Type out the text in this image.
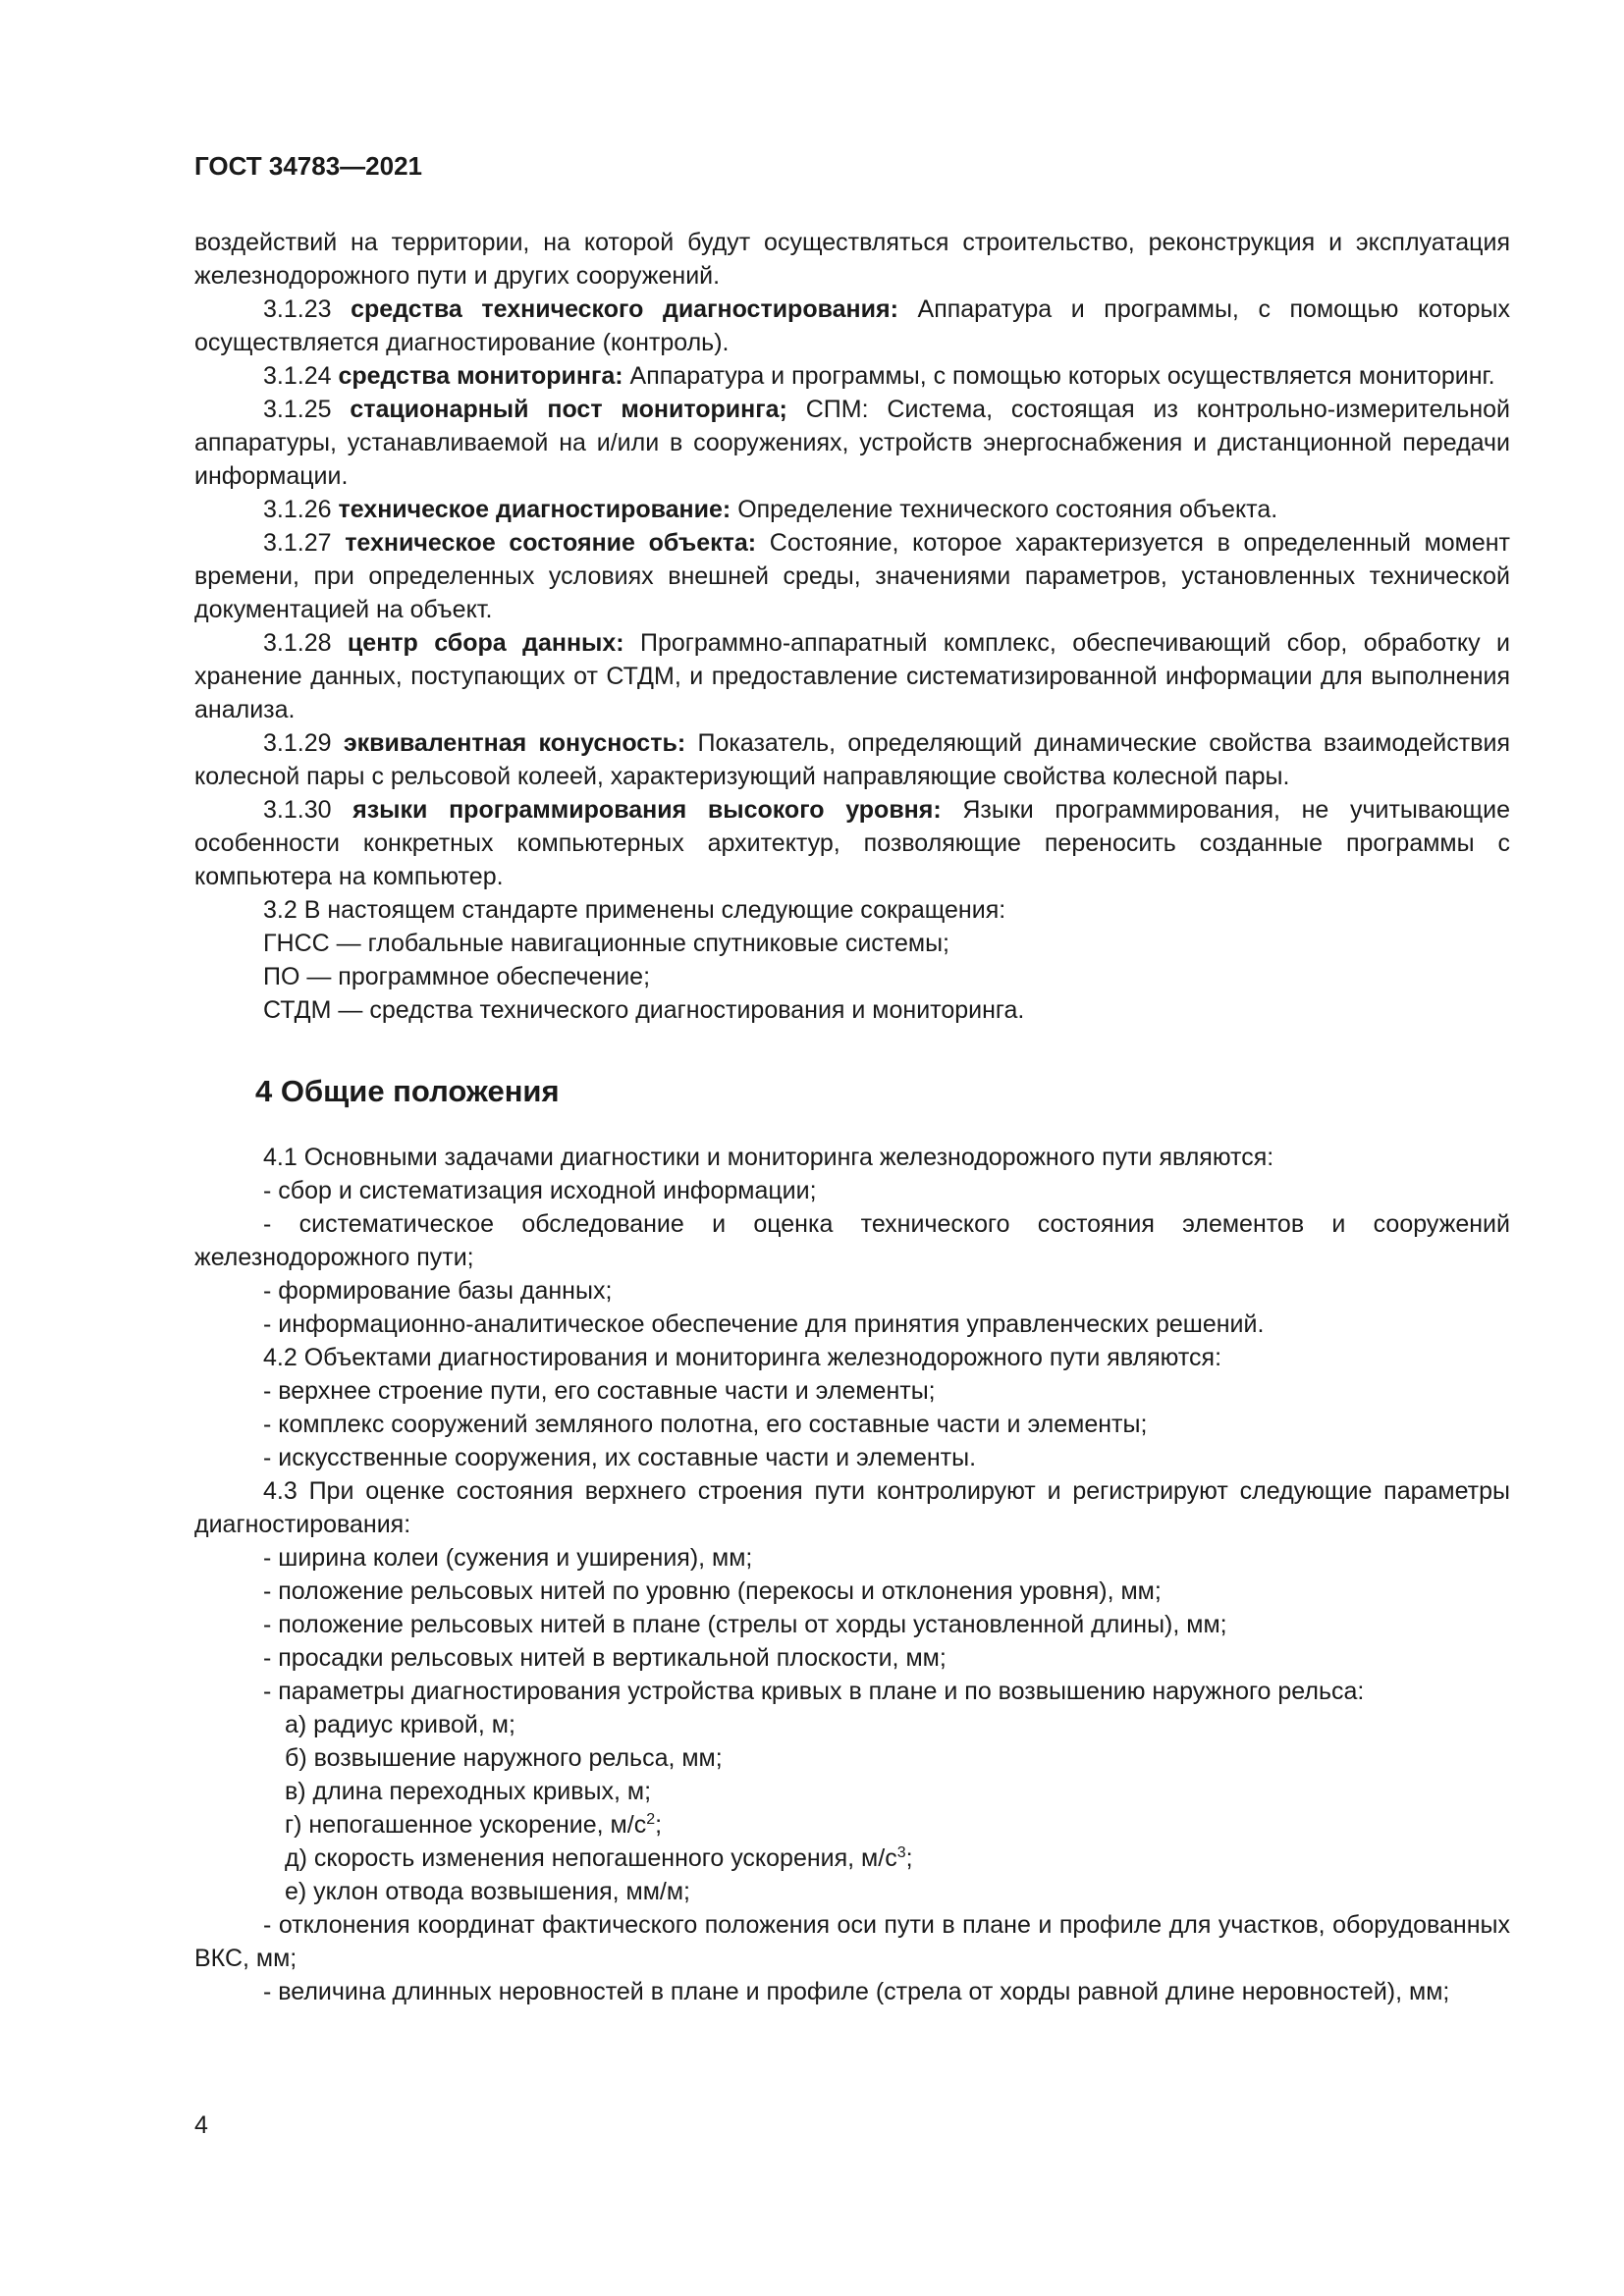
ГОСТ 34783—2021

воздействий на территории, на которой будут осуществляться строительство, реконструкция и эксплуатация железнодорожного пути и других сооружений.

3.1.23 средства технического диагностирования: Аппаратура и программы, с помощью которых осуществляется диагностирование (контроль).

3.1.24 средства мониторинга: Аппаратура и программы, с помощью которых осуществляется мониторинг.

3.1.25 стационарный пост мониторинга; СПМ: Система, состоящая из контрольно-измерительной аппаратуры, устанавливаемой на и/или в сооружениях, устройств энергоснабжения и дистанционной передачи информации.

3.1.26 техническое диагностирование: Определение технического состояния объекта.

3.1.27 техническое состояние объекта: Состояние, которое характеризуется в определенный момент времени, при определенных условиях внешней среды, значениями параметров, установленных технической документацией на объект.

3.1.28 центр сбора данных: Программно-аппаратный комплекс, обеспечивающий сбор, обработку и хранение данных, поступающих от СТДМ, и предоставление систематизированной информации для выполнения анализа.

3.1.29 эквивалентная конусность: Показатель, определяющий динамические свойства взаимодействия колесной пары с рельсовой колеей, характеризующий направляющие свойства колесной пары.

3.1.30 языки программирования высокого уровня: Языки программирования, не учитывающие особенности конкретных компьютерных архитектур, позволяющие переносить созданные программы с компьютера на компьютер.

3.2 В настоящем стандарте применены следующие сокращения:

ГНСС — глобальные навигационные спутниковые системы;

ПО — программное обеспечение;

СТДМ — средства технического диагностирования и мониторинга.

4 Общие положения

4.1 Основными задачами диагностики и мониторинга железнодорожного пути являются:

- сбор и систематизация исходной информации;

- систематическое обследование и оценка технического состояния элементов и сооружений железнодорожного пути;

- формирование базы данных;

- информационно-аналитическое обеспечение для принятия управленческих решений.

4.2 Объектами диагностирования и мониторинга железнодорожного пути являются:

- верхнее строение пути, его составные части и элементы;

- комплекс сооружений земляного полотна, его составные части и элементы;

- искусственные сооружения, их составные части и элементы.

4.3 При оценке состояния верхнего строения пути контролируют и регистрируют следующие параметры диагностирования:

- ширина колеи (сужения и уширения), мм;

- положение рельсовых нитей по уровню (перекосы и отклонения уровня), мм;

- положение рельсовых нитей в плане (стрелы от хорды установленной длины), мм;

- просадки рельсовых нитей в вертикальной плоскости, мм;

- параметры диагностирования устройства кривых в плане и по возвышению наружного рельса:

а) радиус кривой, м;

б) возвышение наружного рельса, мм;

в) длина переходных кривых, м;

г) непогашенное ускорение, $м/с^2$;

д) скорость изменения непогашенного ускорения, $м/с^3$;

е) уклон отвода возвышения, мм/м;

- отклонения координат фактического положения оси пути в плане и профиле для участков, оборудованных ВКС, мм;

- величина длинных неровностей в плане и профиле (стрела от хорды равной длине неровностей), мм;

4
